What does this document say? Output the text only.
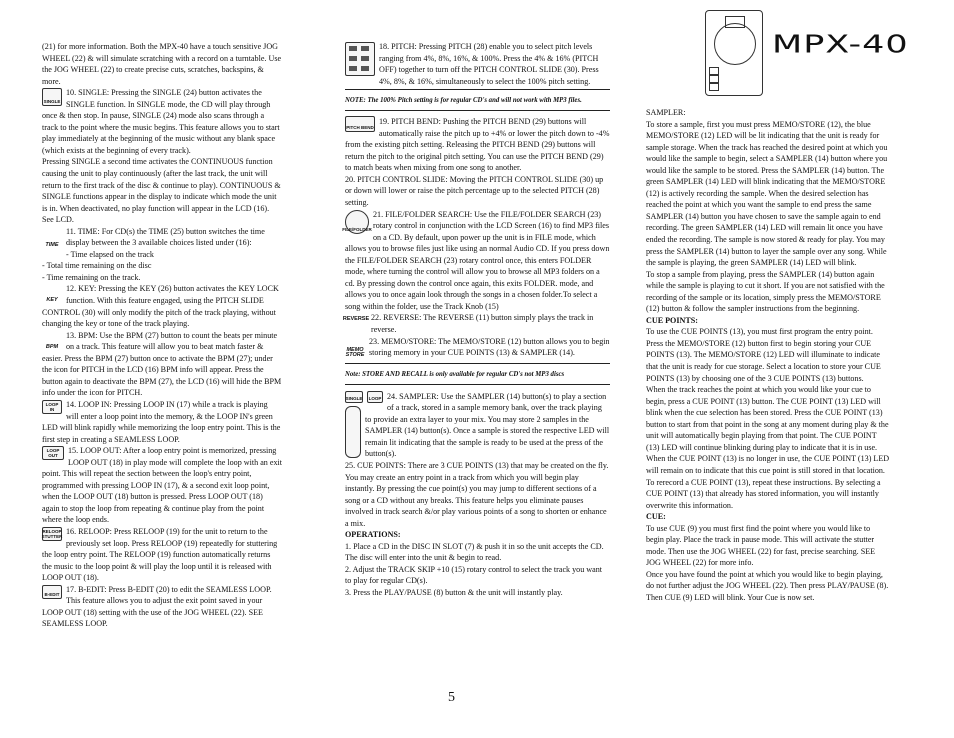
MPX-40

(21) for more information. Both the MPX-40 have a touch sensitive JOG WHEEL (22) & will simulate scratching with a record on a turntable. Use the JOG WHEEL (22) to create precise cuts, scratches, backspins, & more.

SINGLE

10. SINGLE: Pressing the SINGLE (24) button activates the SINGLE function. In SINGLE mode, the CD will play through once & then stop. In pause, SINGLE (24) mode also scans through a track to the point where the music begins. This feature allows you to start play immediately at the beginning of the music without any blank space (which exists at the beginning of every track).

Pressing SINGLE a second time activates the CONTINUOUS function causing the unit to play continuously (after the last track, the unit will return to the first track of the disc & continue to play). CONTINUOUS & SINGLE functions appear in the display to indicate which mode the unit is in. When deactivated, no play function will appear in the LCD (16). See LCD.

TIME

11. TIME: For CD(s) the TIME (25) button switches the time display between the 3 available choices listed under (16):

- Time elapsed on the track

- Total time remaining on the disc

- Time remaining on the track.

KEY

12. KEY: Pressing the KEY (26) button activates the KEY LOCK function. With this feature engaged, using the PITCH SLIDE CONTROL (30) will only modify the pitch of the track playing, without changing the key or tone of the track playing.

BPM

13. BPM: Use the BPM (27) button to count the beats per minute on a track. This feature will allow you to beat match faster & easier. Press the BPM (27) button once to activate the BPM (27); under the icon for PITCH in the LCD (16) BPM info will appear. Press the button again to deactivate the BPM (27), the LCD (16) will hide the BPM info under the icon for PITCH.

LOOP IN

14. LOOP IN: Pressing LOOP IN (17) while a track is playing will enter a loop point into the memory, & the LOOP IN's green LED will blink rapidly while memorizing the loop entry point. This is the first step in creating a SEAMLESS LOOP.

LOOP OUT

15. LOOP OUT: After a loop entry point is memorized, pressing LOOP OUT (18) in play mode will complete the loop with an exit point. This will repeat the section between the loop's entry point, programmed with pressing LOOP IN (17), & a second exit loop point, when the LOOP OUT (18) button is pressed. Press LOOP OUT (18) again to stop the loop from repeating & continue play from the point where the loop ends.

RELOOP STUTTER

16. RELOOP: Press RELOOP (19) for the unit to return to the previously set loop. Press RELOOP (19) repeatedly for stuttering the loop entry point. The RELOOP (19) function automatically returns the music to the loop point & will play the loop until it is released with LOOP OUT (18).

B-EDIT

17. B-EDIT: Press B-EDIT (20) to edit the SEAMLESS LOOP. This feature allows you to adjust the exit point saved in your LOOP OUT (18) setting with the use of the JOG WHEEL (22). SEE SEAMLESS LOOP.

18. PITCH: Pressing PITCH (28) enable you to select pitch levels ranging from 4%, 8%, 16%, & 100%. Press the 4% & 16% (PITCH OFF) together to turn off the PITCH CONTROL SLIDE (30). Press 4%, 8%, & 16%, simultaneously to select the 100% pitch setting.

NOTE: The 100% Pitch setting is for regular CD's and will not work with MP3 files.

PITCH BEND

19. PITCH BEND: Pushing the PITCH BEND (29) buttons will automatically raise the pitch up to +4% or lower the pitch down to -4% from the existing pitch setting. Releasing the PITCH BEND (29) buttons will return the pitch to the original pitch setting. You can use the PITCH BEND (29) to match beats when mixing from one song to another.

20. PITCH CONTROL SLIDE: Moving the PITCH CONTROL SLIDE (30) up or down will lower or raise the pitch percentage up to the selected PITCH (28) setting.

FILE/FOLDER

21. FILE/FOLDER SEARCH: Use the FILE/FOLDER SEARCH (23) rotary control in conjunction with the LCD Screen (16) to find MP3 files on a CD. By default, upon power up the unit is in FILE mode, which allows you to browse files just like using an normal Audio CD. If you press down the FILE/FOLDER SEARCH (23) rotary control once, this enters FOLDER mode, where turning the control will allow you to browse all MP3 folders on a cd. By pressing down the control once again, this exits FOLDER. mode, and allows you to once again look through the songs in a chosen folder.To select a song within the folder, use the Track Knob (15)

REVERSE 22. REVERSE: The REVERSE (11) button simply plays the track in reverse.

MEMO STORE

23. MEMO/STORE: The MEMO/STORE (12) button allows you to begin storing memory in your CUE POINTS (13) & SAMPLER (14).

Note: STORE AND RECALL is only available for regular CD's not MP3 discs

SINGLE	LOOP 24. SAMPLER: Use the SAMPLER (14) button(s) to play a section of a track, stored in a sample memory bank, over the track playing to provide an extra layer to your mix. You may store 2 samples in the SAMPLER (14) button(s). Once a sample is stored the respective LED will remain lit indicating that the sample is ready to be used at the press of the button(s).

25. CUE POINTS: There are 3 CUE POINTS (13) that may be created on the fly. You may create an entry point in a track from which you will begin play instantly. By pressing the cue point(s) you may jump to different sections of a song or a CD without any breaks. This feature helps you eliminate pauses involved in track search &/or play various points of a song to shorten or enhance a mix.

OPERATIONS:

1. Place a CD in the DISC IN SLOT (7) & push it in so the unit accepts the CD. The disc will enter into the unit & begin to read.

2. Adjust the TRACK SKIP +10 (15) rotary control to select the track you want to play for regular CD(s).

3. Press the PLAY/PAUSE (8) button & the unit will instantly play.

SAMPLER:

To store a sample, first you must press MEMO/STORE (12), the blue MEMO/STORE (12) LED will be lit indicating that the unit is ready for sample storage. When the track has reached the desired point at which you would like the sample to begin, select a SAMPLER (14) button where you would like the sample to be stored. Press the SAMPLER (14) button. The green SAMPLER (14) LED will blink indicating that the MEMO/STORE (12) is actively recording the sample. When the desired selection has reached the point at which you want the sample to end press the same SAMPLER (14) button you have chosen to save the sample again to end recording. The green SAMPLER (14) LED will remain lit once you have ended the recording. The sample is now stored & ready for play. You may press the SAMPLER (14) button to layer the sample over any song. While the sample is playing, the green SAMPLER (14) LED will blink.

To stop a sample from playing, press the SAMPLER (14) button again while the sample is playing to cut it short. If you are not satisfied with the recording of the sample or its location, simply press the MEMO/STORE (12) button & follow the sampler instructions from the beginning.

CUE POINTS:

To use the CUE POINTS (13), you must first program the entry point. Press the MEMO/STORE (12) button first to begin storing your CUE POINTS (13). The MEMO/STORE (12) LED will illuminate to indicate that the unit is ready for cue storage. Select a location to store your CUE POINTS (13) by choosing one of the 3 CUE POINTS (13) buttons.

When the track reaches the point at which you would like your cue to begin, press a CUE POINT (13) button. The CUE POINT (13) LED will blink when the cue selection has been stored. Press the CUE POINT (13) button to start from that point in the song at any moment during play & the unit will automatically begin playing from that point. The CUE POINT (13) LED will continue blinking during play to indicate that it is in use. When the CUE POINT (13) is no longer in use, the CUE POINT (13) LED will remain on to indicate that this cue point is still stored in that location.

To rerecord a CUE POINT (13), repeat these instructions. By selecting a CUE POINT (13) that already has stored information, you will instantly overwrite this information.

CUE:

To use CUE (9) you must first find the point where you would like to begin play. Place the track in pause mode. This will activate the stutter mode. Then use the JOG WHEEL (22) for fast, precise searching. SEE JOG WHEEL (22) for more info.

Once you have found the point at which you would like to begin playing, do not further adjust the JOG WHEEL (22). Then press PLAY/PAUSE (8). Then CUE (9) LED will blink. Your Cue is now set.

5
